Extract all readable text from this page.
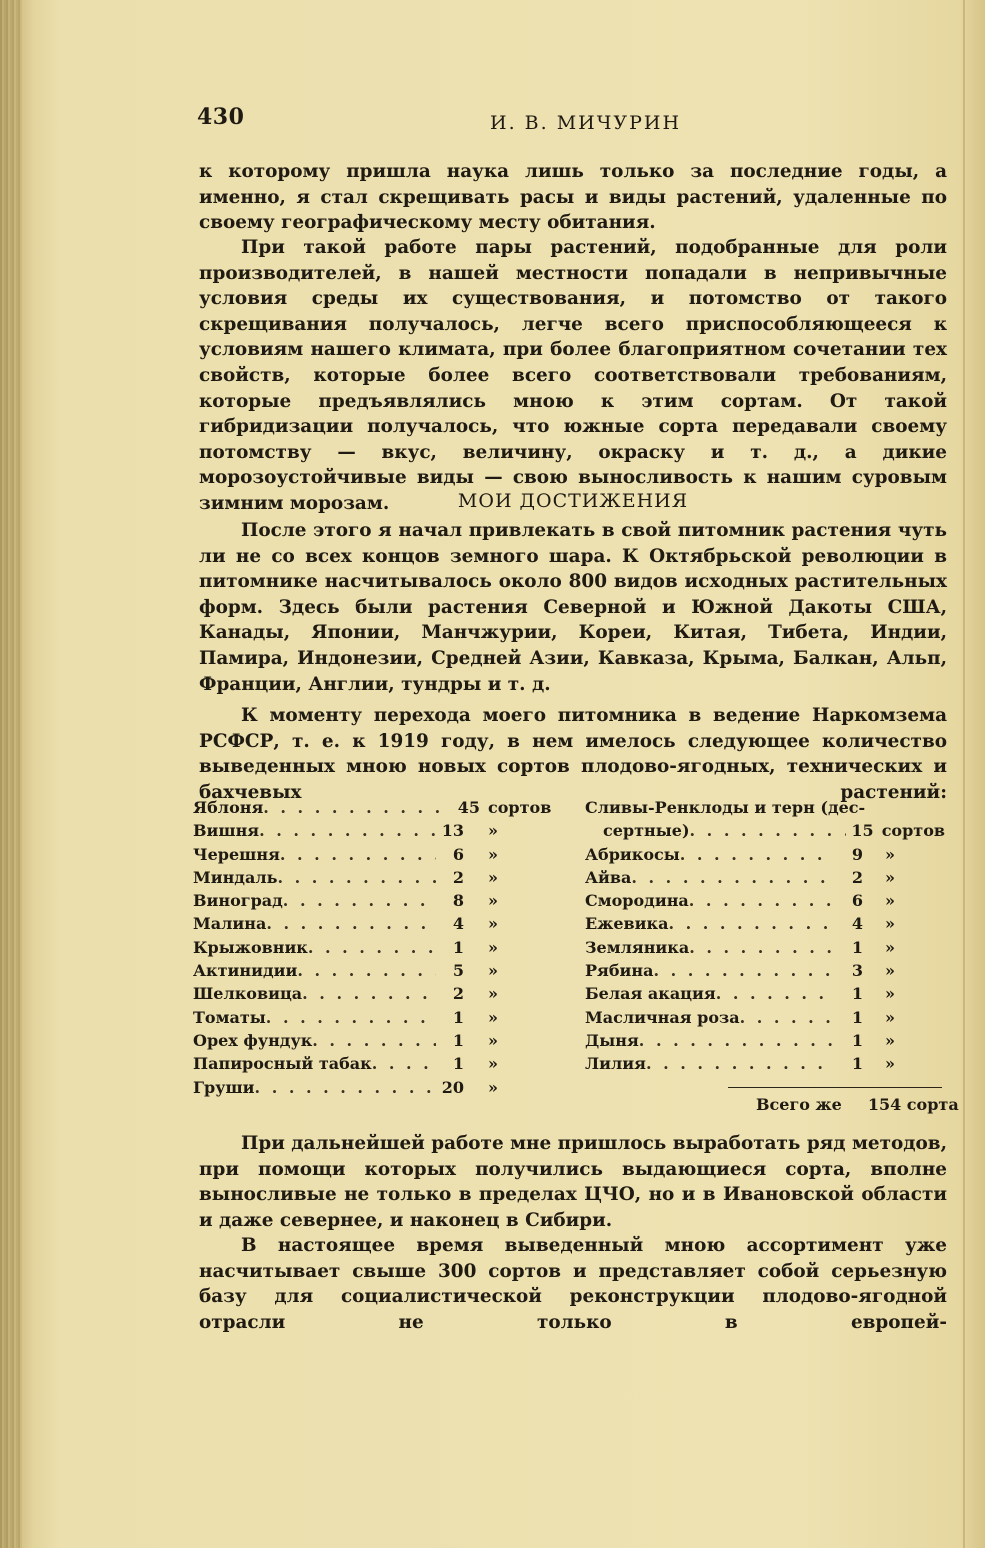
430	И. В. МИЧУРИН
к которому пришла наука лишь только за последние годы, а именно, я стал скрещивать расы и виды растений, удаленные по своему географическому месту обитания.
При такой работе пары растений, подобранные для роли производителей, в нашей местности попадали в непривычные условия среды их существования, и потомство от такого скрещивания получалось, легче всего приспособляющееся к условиям нашего климата, при более благоприятном сочетании тех свойств, которые более всего соответствовали требованиям, которые предъявлялись мною к этим сортам. От такой гибридизации получалось, что южные сорта передавали своему потомству — вкус, величину, окраску и т. д., а дикие морозоустойчивые виды — свою выносливость к нашим суровым зимним морозам.	МОИ ДОСТИЖЕНИЯ
После этого я начал привлекать в свой питомник растения чуть ли не со всех концов земного шара. К Октябрьской революции в питомнике насчитывалось около 800 видов исходных растительных форм. Здесь были растения Северной и Южной Дакоты США, Канады, Японии, Манчжурии, Кореи, Китая, Тибета, Индии, Памира, Индонезии, Средней Азии, Кавказа, Крыма, Балкан, Альп, Франции, Англии, тундры и т. д.
К моменту перехода моего питомника в ведение Наркомзема РСФСР, т. е. к 1919 году, в нем имелось следующее количество выведенных мною новых сортов плодово-ягодных, технических и бахчевых растений:
Яблоня . . .	45 сортов
Вишня . . .	13	»
Черешня . . .	6	»
Миндаль . . .	2	»
Виноград . . .	8	»
Малина . . .	4	»
Крыжовник . . .	1	»
Актинидии . . .	5	»
Шелковица . . .	2	»
Томаты . . .	1	»
Орех фундук . . .	1	»
Папиросный табак . . .	1	»
Груши . . .	20	»
Сливы-Ренклоды и терн (дес-
сертные) . . .	15 сортов
Абрикосы . . .	9	»
Айва . . .	2	»
Смородина . . .	6	»
Ежевика . . .	4	»
Земляника . . .	1	»
Рябина . . .	3	»
Белая акация . . .	1	»
Масличная роза . . .	1	»
Дыня . . .	1	»
Лилия . . .	1	»
Всего же 154 сорта
При дальнейшей работе мне пришлось выработать ряд методов, при помощи которых получились выдающиеся сорта, вполне выносливые не только в пределах ЦЧО, но и в Ивановской области и даже севернее, и наконец в Сибири.
В настоящее время выведенный мною ассортимент уже насчитывает свыше 300 сортов и представляет собой серьезную базу для социалистической реконструкции плодово-ягодной отрасли не только в европей-
